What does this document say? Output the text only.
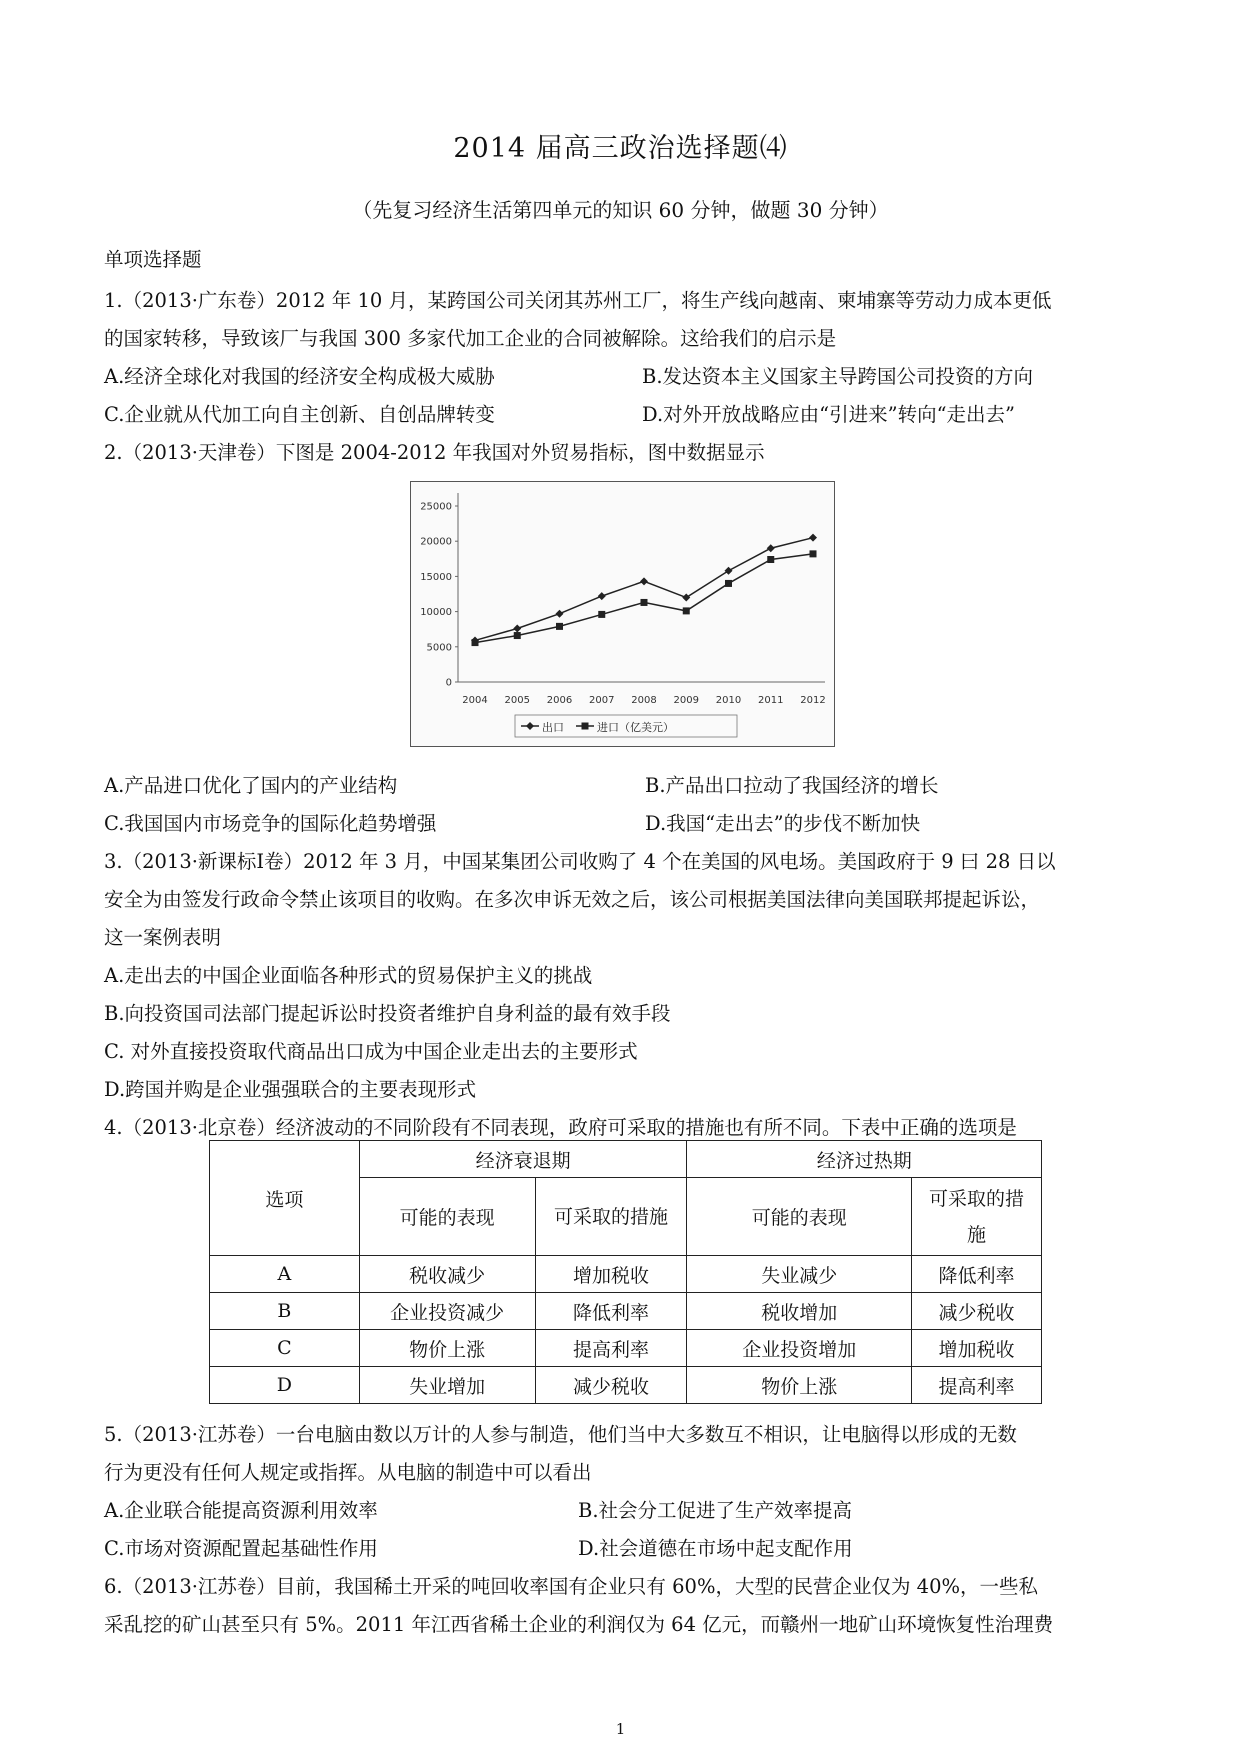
2014 届高三政治选择题⑷
（先复习经济生活第四单元的知识 60 分钟，做题 30 分钟）
单项选择题
1.（2013·广东卷）2012 年 10 月，某跨国公司关闭其苏州工厂，将生产线向越南、柬埔寨等劳动力成本更低
的国家转移，导致该厂与我国 300 多家代加工企业的合同被解除。这给我们的启示是
A.经济全球化对我国的经济安全构成极大威胁	B.发达资本主义国家主导跨国公司投资的方向
C.企业就从代加工向自主创新、自创品牌转变	D.对外开放战略应由“引进来”转向“走出去”
2.（2013·天津卷）下图是 2004-2012 年我国对外贸易指标，图中数据显示
0
5000
10000
15000
20000
25000
2004 2005 2006 2007 2008 2009 2010 2011 2012
出口	进口（亿美元）
A.产品进口优化了国内的产业结构	B.产品出口拉动了我国经济的增长
C.我国国内市场竞争的国际化趋势增强	D.我国“走出去”的步伐不断加快
3.（2013·新课标Ⅰ卷）2012 年 3 月，中国某集团公司收购了 4 个在美国的风电场。美国政府于 9 曰 28 日以
安全为由签发行政命令禁止该项目的收购。在多次申诉无效之后，该公司根据美国法律向美国联邦提起诉讼，
这一案例表明
A.走出去的中国企业面临各种形式的贸易保护主义的挑战
B.向投资国司法部门提起诉讼时投资者维护自身利益的最有效手段
C. 对外直接投资取代商品出口成为中国企业走出去的主要形式
D.跨国并购是企业强强联合的主要表现形式
4.（2013·北京卷）经济波动的不同阶段有不同表现，政府可采取的措施也有所不同。下表中正确的选项是
选项	经济衰退期		经济过热期	
	可能的表现	可采取的措施	可能的表现	可采取的措施
A	税收减少	增加税收	失业减少	降低利率
B	企业投资减少	降低利率	税收增加	减少税收
C	物价上涨	提高利率	企业投资增加	增加税收
D	失业增加	减少税收	物价上涨	提高利率
5.（2013·江苏卷）一台电脑由数以万计的人参与制造，他们当中大多数互不相识，让电脑得以形成的无数
行为更没有任何人规定或指挥。从电脑的制造中可以看出
A.企业联合能提高资源利用效率	B.社会分工促进了生产效率提高
C.市场对资源配置起基础性作用	D.社会道德在市场中起支配作用
6.（2013·江苏卷）目前，我国稀土开采的吨回收率国有企业只有 60%，大型的民营企业仅为 40%，一些私
采乱挖的矿山甚至只有 5%。2011 年江西省稀土企业的利润仅为 64 亿元，而赣州一地矿山环境恢复性治理费
1
